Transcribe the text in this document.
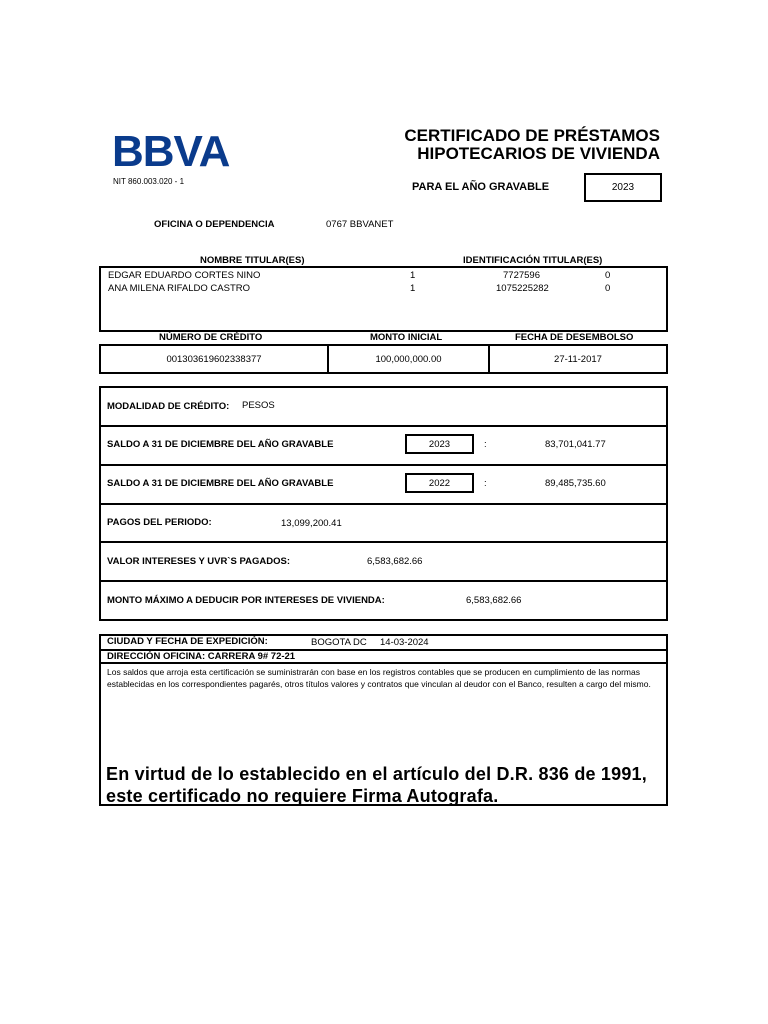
BBVA
NIT 860.003.020 - 1
CERTIFICADO DE PRÉSTAMOS
HIPOTECARIOS DE VIVIENDA
PARA EL AÑO GRAVABLE	2023
OFICINA O DEPENDENCIA	0767 BBVANET
NOMBRE TITULAR(ES)	IDENTIFICACIÓN TITULAR(ES)
EDGAR EDUARDO CORTES NINO	1	7727596	0
ANA MILENA RIFALDO CASTRO	1	1075225282	0
NÚMERO DE CRÉDITO	MONTO INICIAL	FECHA DE DESEMBOLSO
001303619602338377	100,000,000.00	27-11-2017
MODALIDAD DE CRÉDITO: PESOS
SALDO A 31 DE DICIEMBRE DEL AÑO GRAVABLE	2023	:	83,701,041.77
SALDO A 31 DE DICIEMBRE DEL AÑO GRAVABLE	2022	:	89,485,735.60
PAGOS DEL PERIODO:	13,099,200.41
VALOR INTERESES Y UVR`S PAGADOS:	6,583,682.66
MONTO MÁXIMO A DEDUCIR POR INTERESES DE VIVIENDA:	6,583,682.66
CIUDAD Y FECHA DE EXPEDICIÓN:	BOGOTA DC 14-03-2024
DIRECCIÓN OFICINA: CARRERA 9# 72-21
Los saldos que arroja esta certificación se suministrarán con base en los registros contables que se producen en cumplimiento de las normas establecidas en los correspondientes pagarés, otros títulos valores y contratos que vinculan al deudor con el Banco, resulten a cargo del mismo.
En virtud de lo establecido en el artículo del D.R. 836 de 1991,
este certificado no requiere Firma Autografa.
